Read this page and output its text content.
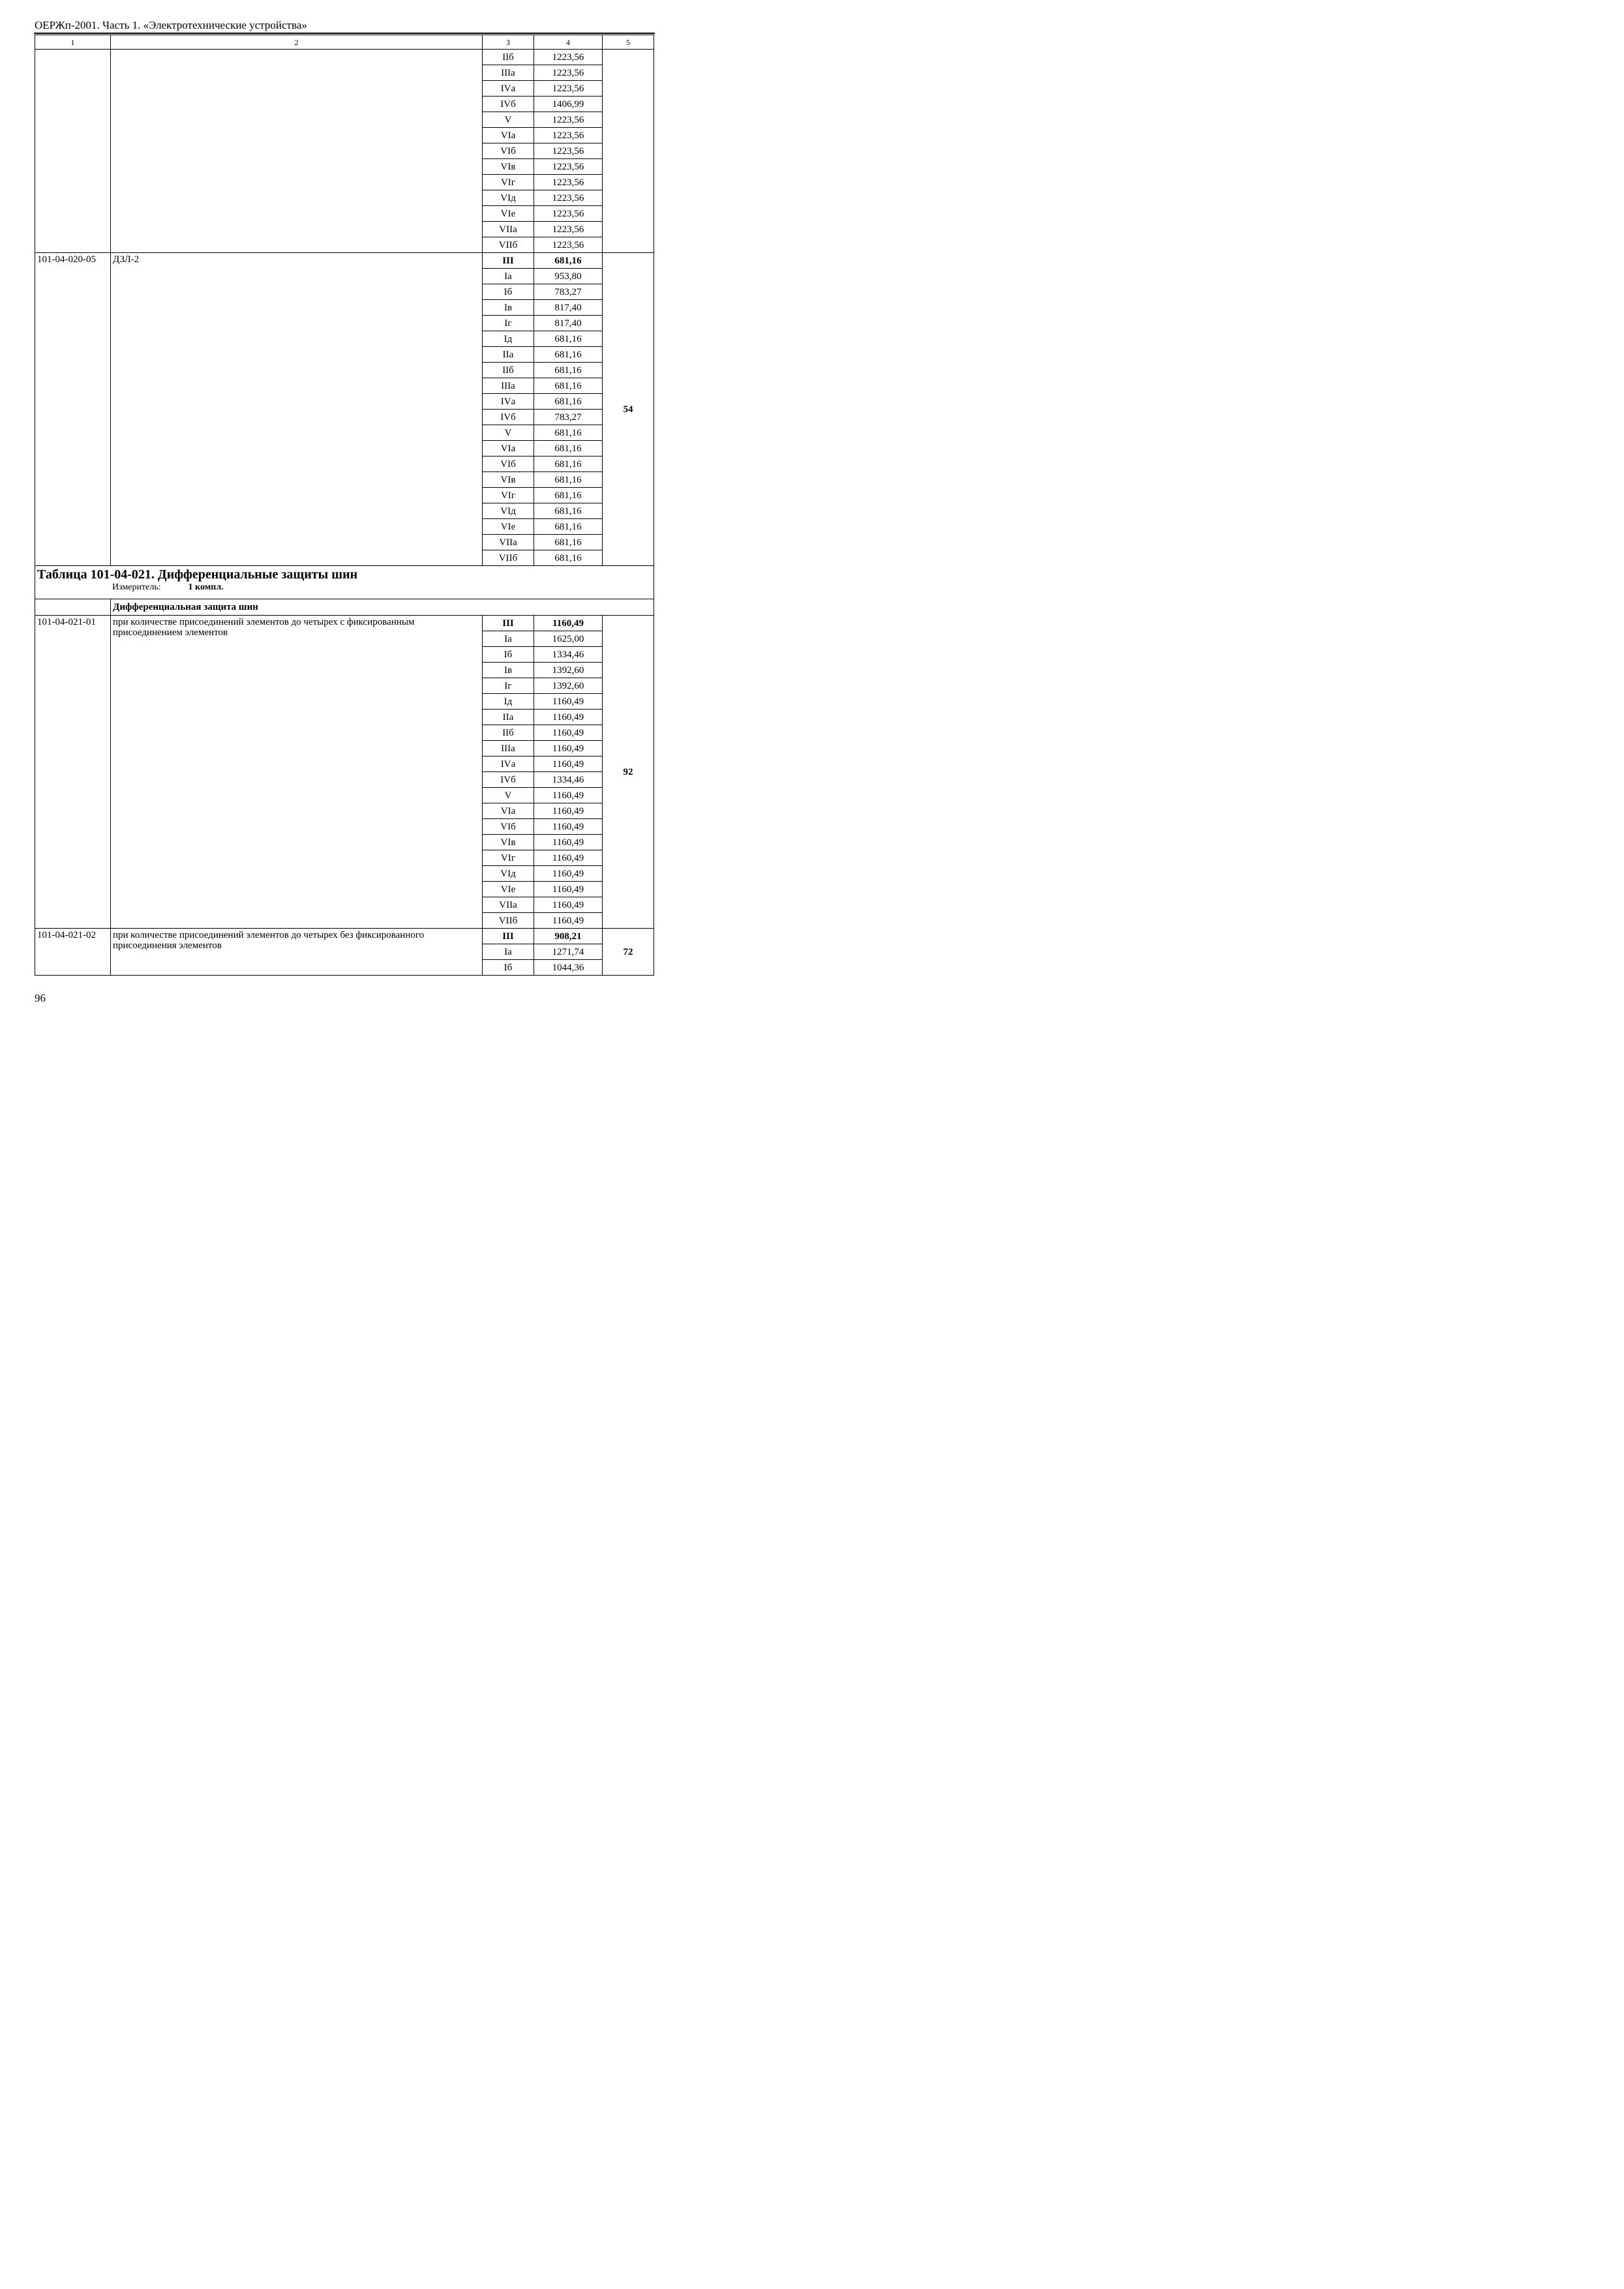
ОЕРЖп-2001. Часть 1. «Электротехнические устройства»
1	2	3	4	5
		IIб	1223,56	
		IIIа	1223,56	
		IVа	1223,56	
		IVб	1406,99	
		V	1223,56	
		VIа	1223,56	
		VIб	1223,56	
		VIв	1223,56	
		VIг	1223,56	
		VIд	1223,56	
		VIе	1223,56	
		VIIа	1223,56	
		VIIб	1223,56	
101-04-020-05	ДЗЛ-2	III	681,16	54
		Iа	953,80	
		Iб	783,27	
		Iв	817,40	
		Iг	817,40	
		Iд	681,16	
		IIа	681,16	
		IIб	681,16	
		IIIа	681,16	
		IVа	681,16	
		IVб	783,27	
		V	681,16	
		VIа	681,16	
		VIб	681,16	
		VIв	681,16	
		VIг	681,16	
		VIд	681,16	
		VIе	681,16	
		VIIа	681,16	
		VIIб	681,16	

Таблица 101-04-021. Дифференциальные защиты шин
Измеритель: 1 компл.				

	Дифференциальная защита шин			
101-04-021-01	при количестве присоединений элементов до четырех с фиксированным присоединением элементов	III	1160,49	92
		Iа	1625,00	
		Iб	1334,46	
		Iв	1392,60	
		Iг	1392,60	
		Iд	1160,49	
		IIа	1160,49	
		IIб	1160,49	
		IIIа	1160,49	
		IVа	1160,49	
		IVб	1334,46	
		V	1160,49	
		VIа	1160,49	
		VIб	1160,49	
		VIв	1160,49	
		VIг	1160,49	
		VIд	1160,49	
		VIе	1160,49	
		VIIа	1160,49	
		VIIб	1160,49	
101-04-021-02	при количестве присоединений элементов до четырех без фиксированного присоединения элементов	III	908,21	72
		Iа	1271,74	
		Iб	1044,36	
96
